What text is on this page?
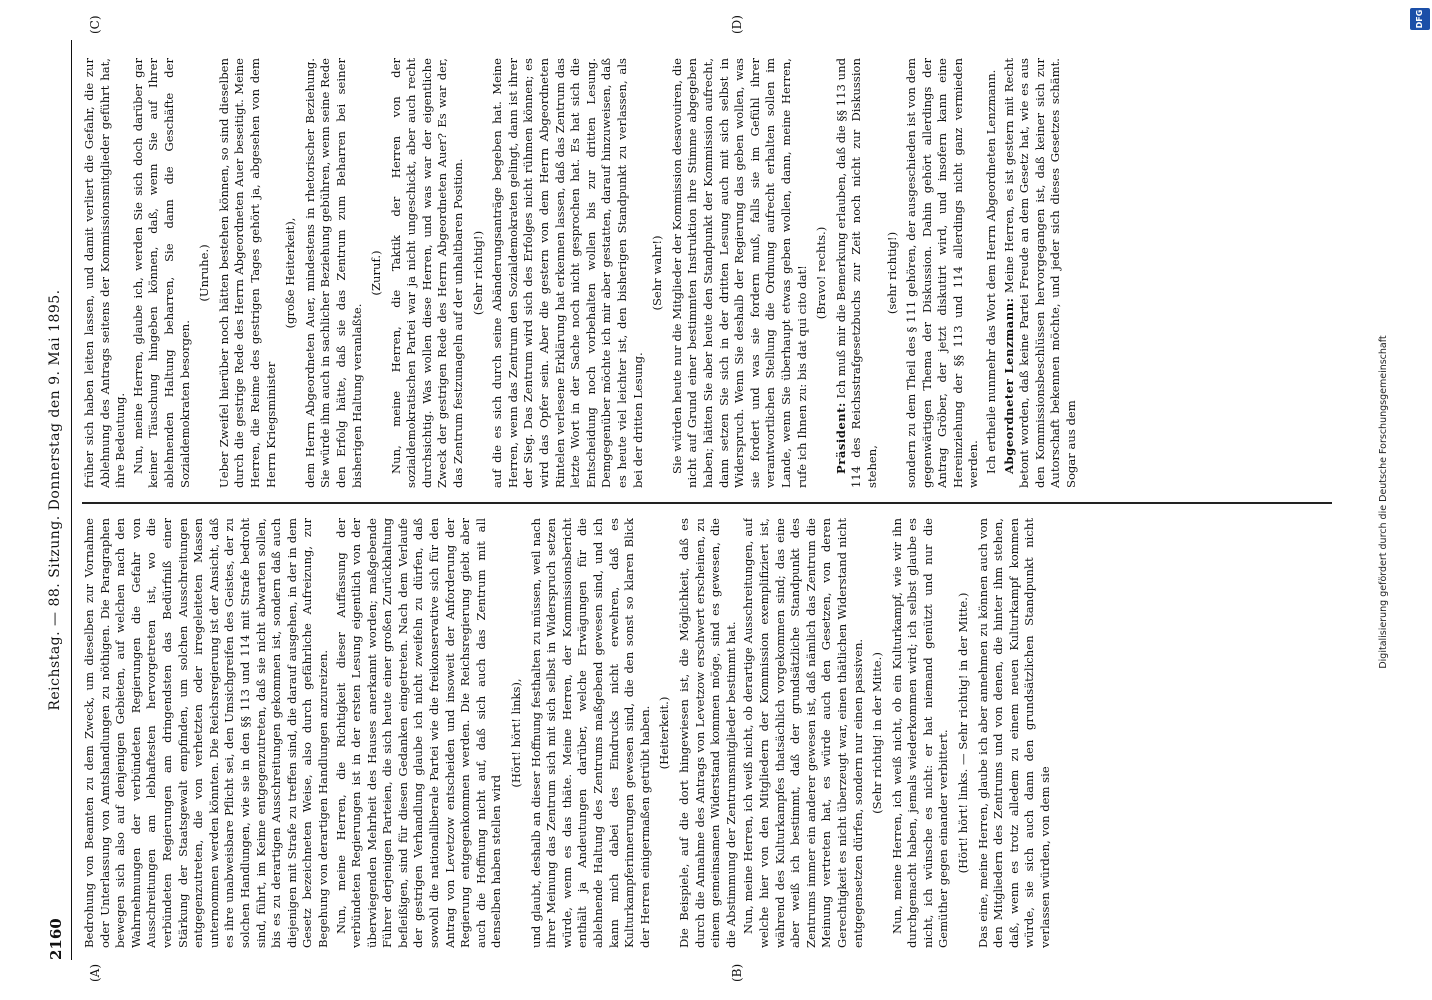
2160
Reichstag. — 88. Sitzung. Donnerstag den 9. Mai 1895.
(A)	(B)
(C)	(D)

Bedrohung von Beamten zu dem Zweck, um dieselben zur Vornahme oder Unterlassung von Amtshandlungen zu nöthigen. Die Paragraphen bewegen sich also auf denjenigen Gebieten, auf welchen nach den Wahrnehmungen der verbündeten Regierungen die Gefahr von Ausschreitungen am lebhaftesten hervorgetreten ist, wo die verbündeten Regierungen am dringendsten das Bedürfniß einer Stärkung der Staatsgewalt empfinden, um solchen Ausschreitungen entgegenzutreten, die von verhetzten oder irregeleiteten Massen unternommen werden könnten. Die Reichsregierung ist der Ansicht, daß es ihre unabweisbare Pflicht sei, den Umsichgreifen des Geistes, der zu solchen Handlungen, wie sie in den §§ 113 und 114 mit Strafe bedroht sind, führt, im Keime entgegenzutreten, daß sie nicht abwarten sollen, bis es zu derartigen Ausschreitungen gekommen ist, sondern daß auch diejenigen mit Strafe zu treffen sind, die darauf ausgehen, in der in dem Gesetz bezeichneten Weise, also durch gefährliche Aufreizung, zur Begehung von derartigen Handlungen anzureizen. Nun, meine Herren, die Richtigkeit dieser Auffassung der verbündeten Regierungen ist in der ersten Lesung eigentlich von der überwiegenden Mehrheit des Hauses anerkannt worden; maßgebende Führer derjenigen Parteien, die sich heute einer großen Zurückhaltung befleißigen, sind für diesen Gedanken eingetreten. Nach dem Verlaufe der gestrigen Verhandlung glaube ich nicht zweifeln zu dürfen, daß sowohl die nationalliberale Partei wie die freikonservative sich für den Antrag von Levetzow entscheiden und insoweit der Anforderung der Regierung entgegenkommen werden. Die Reichsregierung giebt aber auch die Hoffnung nicht auf, daß sich auch das Zentrum mit all denselben haben stellen wird

(Hört! hört! links), und glaubt, deshalb an dieser Hoffnung festhalten zu müssen, weil nach ihrer Meinung das Zentrum sich mit sich selbst in Widerspruch setzen würde, wenn es das thäte. Meine Herren, der Kommissionsbericht enthält ja Andeutungen darüber, welche Erwägungen für die ablehnende Haltung des Zentrums maßgebend gewesen sind, und ich kann mich dabei des Eindrucks nicht erwehren, daß es Kulturkampferinnerungen gewesen sind, die den sonst so klaren Blick der Herren einigermaßen getrübt haben. (Heiterkeit.) Die Beispiele, auf die dort hingewiesen ist, die Möglichkeit, daß es durch die Annahme des Antrags von Levetzow erschwert erscheinen, zu einem gemeinsamen Widerstand kommen möge, sind es gewesen, die die Abstimmung der Zentrumsmitglieder bestimmt hat. Nun, meine Herren, ich weiß nicht, ob derartige Ausschreitungen, auf welche hier von den Mitgliedern der Kommission exemplifiziert ist, während des Kulturkampfes thatsächlich vorgekommen sind; das eine aber weiß ich bestimmt, daß der grundsätzliche Standpunkt des Zentrums immer ein anderer gewesen ist, daß nämlich das Zentrum die Meinung vertreten hat, es würde auch den Gesetzen, von deren Gerechtigkeit es nicht überzeugt war, einen thätlichen Widerstand nicht entgegensetzen dürfen, sondern nur einen passiven. (Sehr richtig! in der Mitte.) Nun, meine Herren, ich weiß nicht, ob ein Kulturkampf, wie wir ihn durchgemacht haben, jemals wiederkommen wird; ich selbst glaube es nicht, ich wünsche es nicht: er hat niemand genützt und nur die Gemüther gegen einander verbittert. (Hört! hört! links. — Sehr richtig! in der Mitte.) Das eine, meine Herren, glaube ich aber annehmen zu können auch von den Mitgliedern des Zentrums und von denen, die hinter ihm stehen, daß, wenn es trotz alledem zu einem neuen Kulturkampf kommen würde, sie sich auch dann den grundsätzlichen Standpunkt nicht verlassen würden, von dem sie

früher sich haben leiten lassen, und damit verliert die Gefahr, die zur Ablehnung des Antrags seitens der Kommissionsmitglieder geführt hat, ihre Bedeutung. Nun, meine Herren, glaube ich, werden Sie sich doch darüber gar keiner Täuschung hingeben können, daß, wenn Sie auf Ihrer ablehnenden Haltung beharren, Sie dann die Geschäfte der Sozialdemokraten besorgen.

(Unruhe.) Ueber Zweifel hierüber noch hätten bestehen können, so sind dieselben durch die gestrige Rede des Herrn Abgeordneten Auer beseitigt. Meine Herren, die Reime des gestrigen Tages gehört ja, abgesehen von dem Herrn Kriegsminister

(große Heiterkeit), dem Herrn Abgeordneten Auer, mindestens in rhetorischer Beziehung. Sie würde ihm auch in sachlicher Beziehung gebühren, wenn seine Rede den Erfolg hätte, daß sie das Zentrum zum Beharren bei seiner bisherigen Haltung veranlaßte.

(Zuruf.) Nun, meine Herren, die Taktik der Herren von der sozialdemokratischen Partei war ja nicht ungeschickt, aber auch recht durchsichtig. Was wollen diese Herren, und was war der eigentliche Zweck der gestrigen Rede des Herrn Abgeordneten Auer? Es war der, das Zentrum festzunageln auf der unhaltbaren Position. (Sehr richtig!) auf die es sich durch seine Abänderungsanträge begeben hat. Meine Herren, wenn das Zentrum den Sozialdemokraten gelingt, dann ist ihrer der Sieg. Das Zentrum wird sich des Erfolges nicht rühmen können; es wird das Opfer sein. Aber die gestern von dem Herrn Abgeordneten Rintelen verlesene Erklärung hat erkennen lassen, daß das Zentrum das letzte Wort in der Sache noch nicht gesprochen hat. Es hat sich die Entscheidung noch vorbehalten wollen bis zur dritten Lesung. Demgegenüber möchte ich mir aber gestatten, darauf hinzuweisen, daß es heute viel leichter ist, den bisherigen Standpunkt zu verlassen, als bei der dritten Lesung.

(Sehr wahr!) Sie würden heute nur die Mitglieder der Kommission desavouiren, die nicht auf Grund einer bestimmten Instruktion ihre Stimme abgegeben haben; hätten Sie aber heute den Standpunkt der Kommission aufrecht, dann setzen Sie sich in der dritten Lesung auch mit sich selbst in Widerspruch. Wenn Sie deshalb der Regierung das geben wollen, was sie fordert und was sie fordern muß, falls sie im Gefühl ihrer verantwortlichen Stellung die Ordnung aufrecht erhalten sollen im Lande, wenn Sie überhaupt etwas geben wollen, dann, meine Herren, rufe ich Ihnen zu: bis dat qui cito dat! (Bravo! rechts.)

Präsident: Ich muß mir die Bemerkung erlauben, daß die §§ 113 und 114 des Reichsstrafgesetzbuchs zur Zeit noch nicht zur Diskussion stehen,

(sehr richtig!) sondern zu dem Theil des § 111 gehören, der ausgeschieden ist von dem gegenwärtigen Thema der Diskussion. Dahin gehört allerdings der Antrag Gröber, der jetzt diskutirt wird, und insofern kann eine Hereinziehung der §§ 113 und 114 allerdings nicht ganz vermieden werden. Ich ertheile nunmehr das Wort dem Herrn Abgeordneten Lenzmann. Abgeordneter Lenzmann: Meine Herren, es ist gestern mit Recht betont worden, daß keine Partei Freude an dem Gesetz hat, wie es aus den Kommissionsbeschlüssen hervorgegangen ist, daß keiner sich zur Autorschaft bekennen möchte, und jeder sich dieses Gesetzes schämt. Sogar aus dem	Digitalisierung gefördert durch die Deutsche Forschungsgemeinschaft
DFG
